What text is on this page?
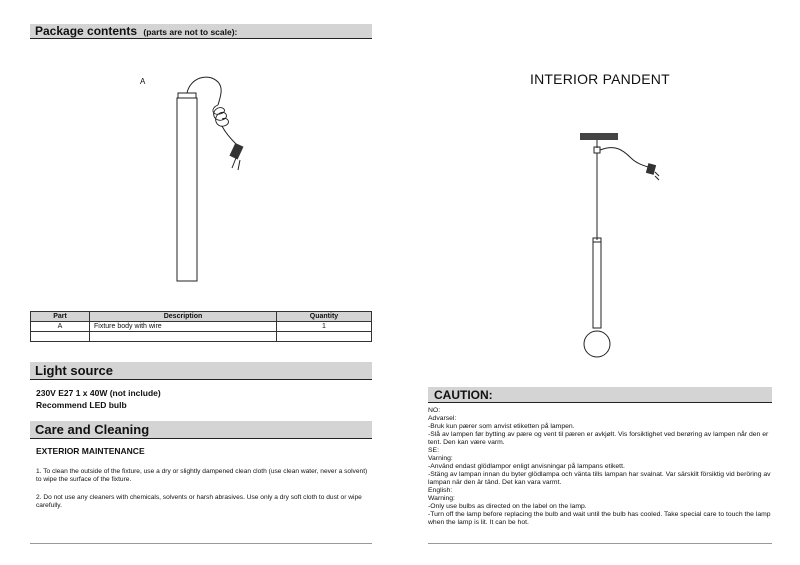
Package contents (parts are not to scale):
A
Part	Description	Quantity
A	Fixture body with wire	1

Light source
230V E27 1 x 40W (not include)
Recommend LED bulb
Care and Cleaning
EXTERIOR MAINTENANCE
1. To clean the outside of the fixture, use a dry or slightly dampened clean cloth (use clean water, never a solvent) to wipe the surface of the fixture.
2. Do not use any cleaners with chemicals, solvents or harsh abrasives. Use only a dry soft cloth to dust or wipe carefully.
INTERIOR PANDENT
CAUTION:
NO:
Advarsel:
-Bruk kun pærer som anvist etiketten på lampen.
-Slå av lampen før bytting av pære og vent til pæren er avkjølt. Vis forsiktighet ved berøring av lampen når den er tent. Den kan være varm.
SE:
Varning:
-Använd endast glödlampor enligt anvisningar på lampans etikett.
-Stäng av lampan innan du byter glödlampa och vänta tills lampan har svalnat. Var särskilt försiktig vid beröring av lampan när den är tänd. Det kan vara varmt.
English:
Warning:
-Only use bulbs as directed on the label on the lamp.
-Turn off the lamp before replacing the bulb and wait until the bulb has cooled. Take special care to touch the lamp when the lamp is lit. It can be hot.
